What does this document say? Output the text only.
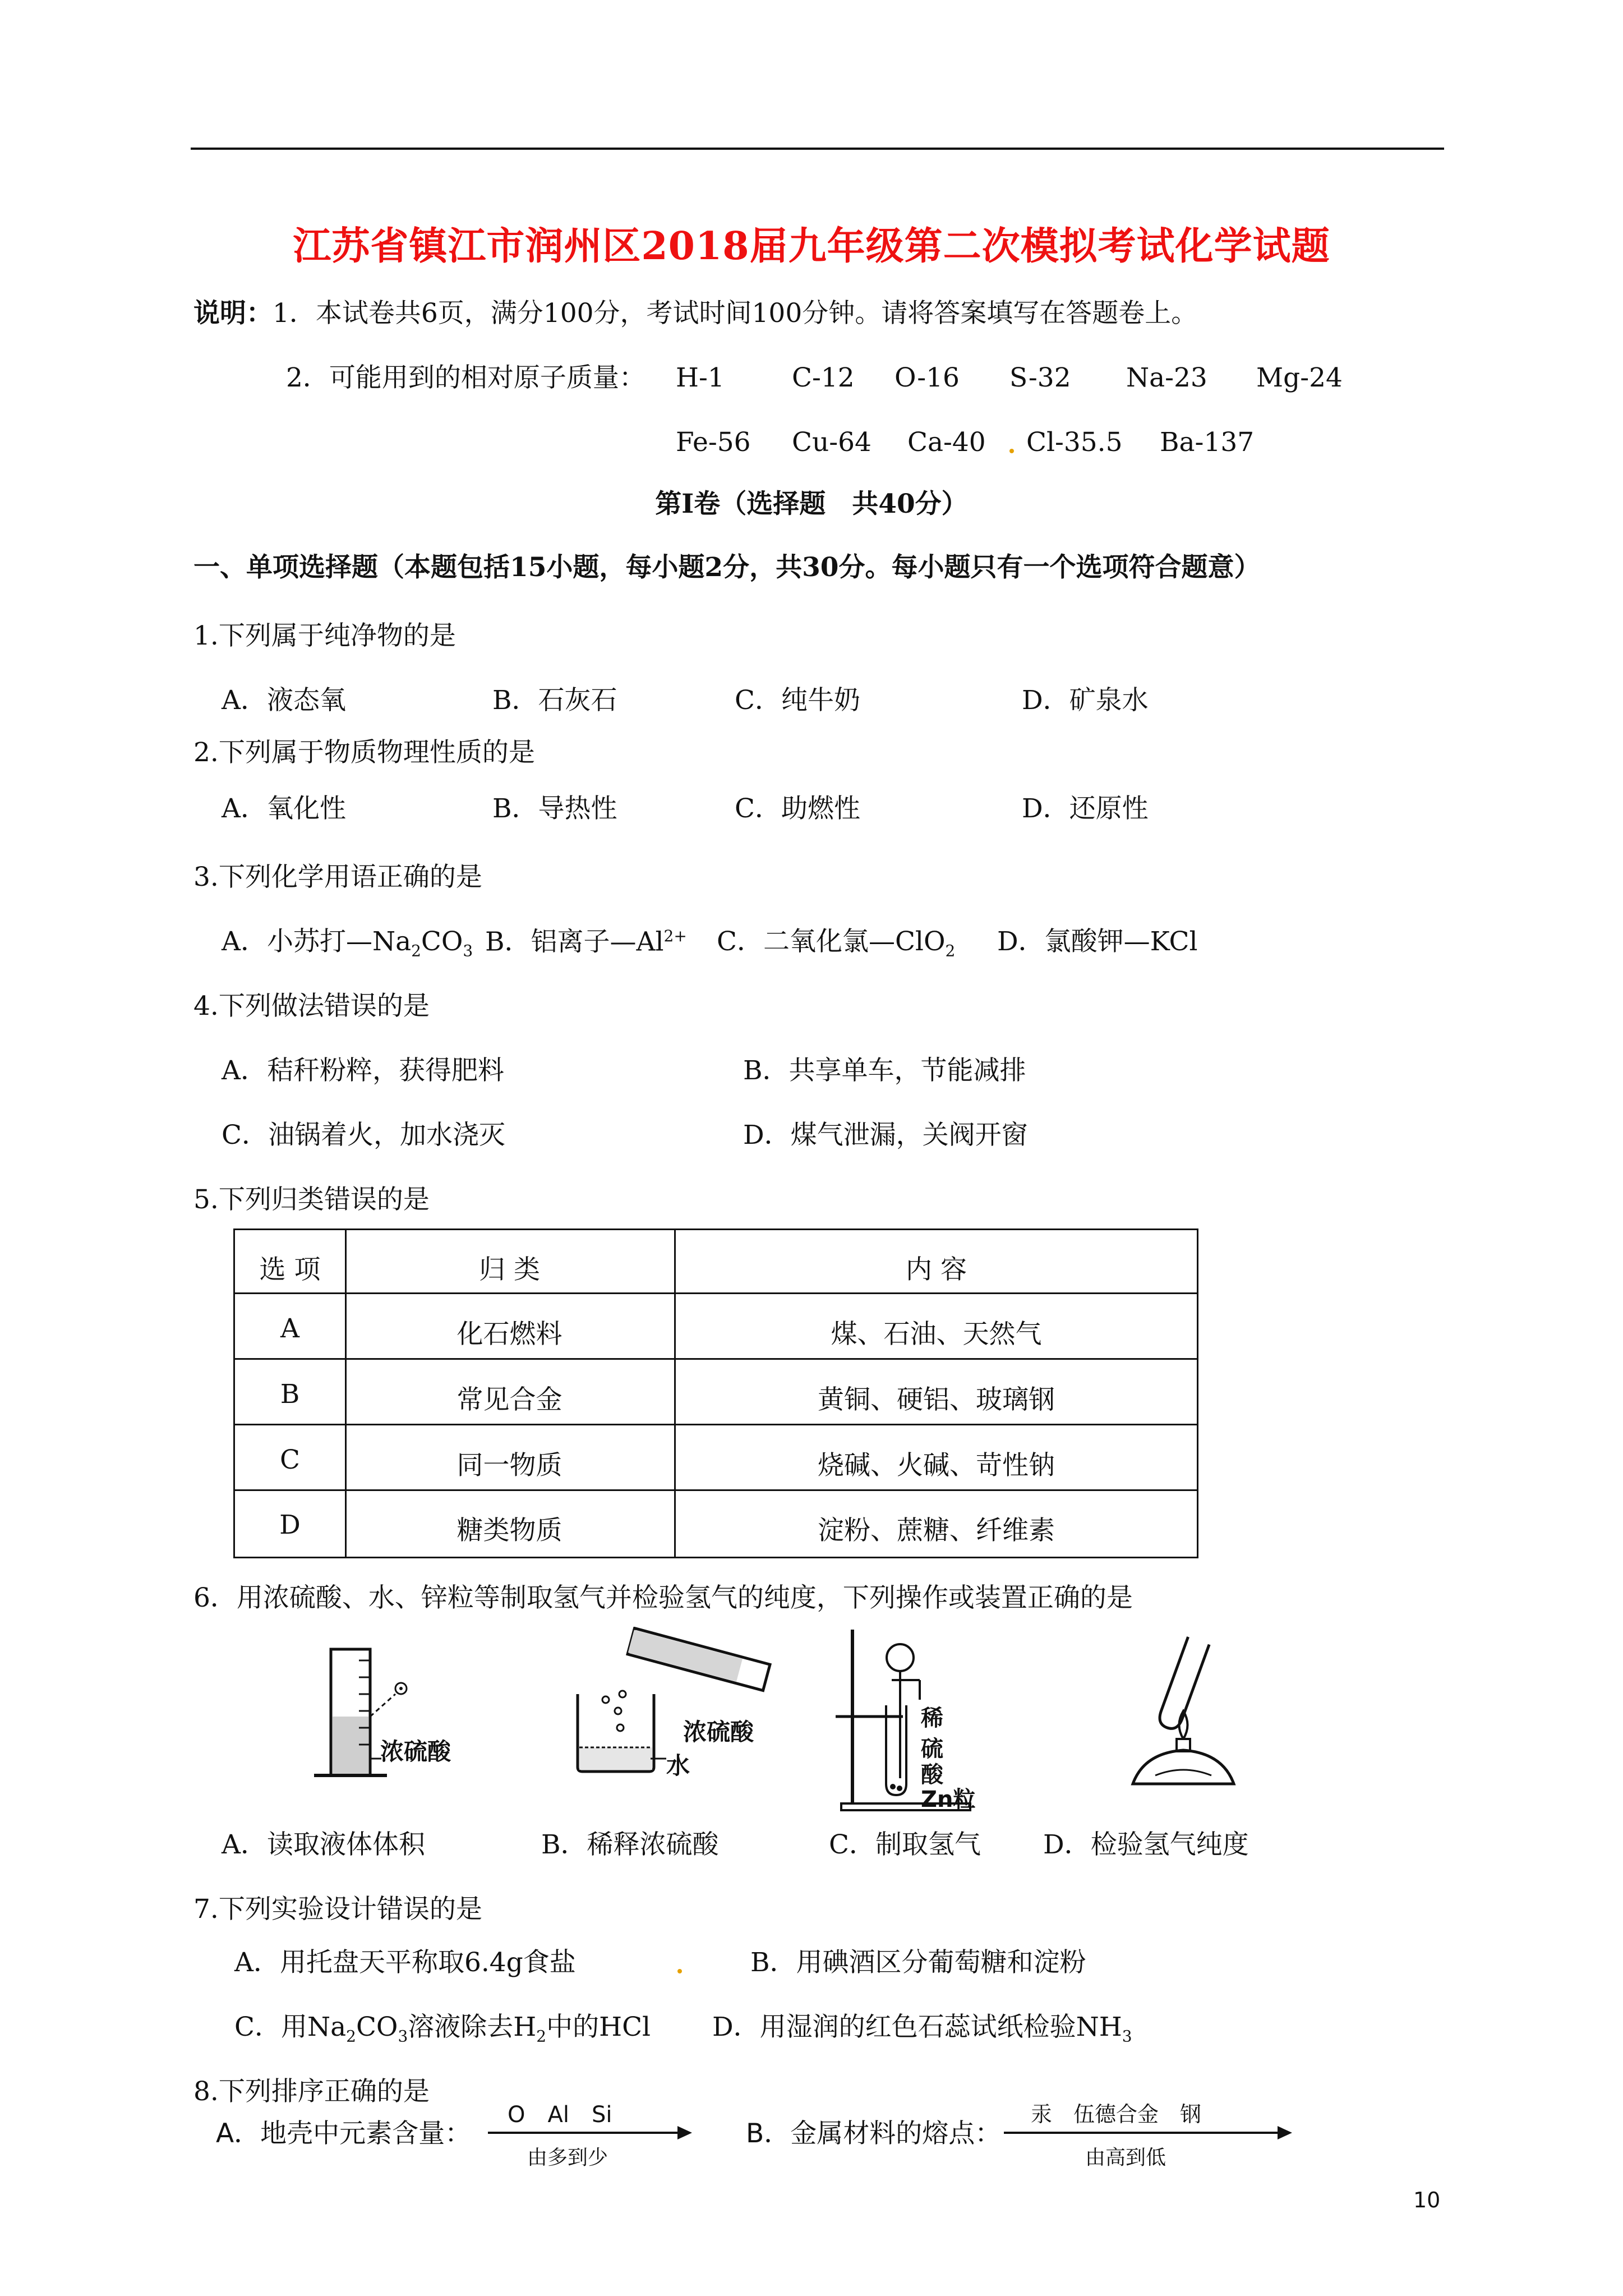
江苏省镇江市润州区2018届九年级第二次模拟考试化学试题
说明：1．本试卷共6页，满分100分，考试时间100分钟。请将答案填写在答题卷上。
2．可能用到的相对原子质量： H-1	C-12 O-16 S-32 Na-23 Mg-24
Fe-56 Cu-64 Ca-40 Cl-35.5 Ba-137
第Ⅰ卷（选择题　共40分）
一、单项选择题（本题包括15小题，每小题2分，共30分。每小题只有一个选项符合题意）
1.下列属于纯净物的是
A．液态氧	B．石灰石	C．纯牛奶	D．矿泉水
2.下列属于物质物理性质的是
A．氧化性	B．导热性	C．助燃性	D．还原性
3.下列化学用语正确的是
A．小苏打$—Na_2CO_3$ B．铝离子$—Al^{2+}$ C．二氧化氯—ClO$_2$ D．氯酸钾—KCl
4.下列做法错误的是
A．秸秆粉粹，获得肥料	B．共享单车，节能减排
C．油锅着火，加水浇灭	D．煤气泄漏，关阀开窗
5.下列归类错误的是
选 项	归 类	内 容
A	化石燃料	煤、石油、天然气
B	常见合金	黄铜、硬铝、玻璃钢
C	同一物质	烧碱、火碱、苛性钠
D	糖类物质	淀粉、蔗糖、纤维素
6．用浓硫酸、水、锌粒等制取氢气并检验氢气的纯度，下列操作或装置正确的是
浓硫酸
浓硫酸
水
稀
硫
酸
Zn粒
A．读取液体体积	B．稀释浓硫酸	C．制取氢气 D．检验氢气纯度
7.下列实验设计错误的是
A．用托盘天平称取6.4g食盐	B．用碘酒区分葡萄糖和淀粉
C．用$Na_2CO_3$溶液除去$H_2$中的HCl D．用湿润的红色石蕊试纸检验$NH_3$
8.下列排序正确的是
A．地壳中元素含量：
O　Al　Si
由多到少
B．金属材料的熔点：
汞　伍德合金　钢
由高到低
10
